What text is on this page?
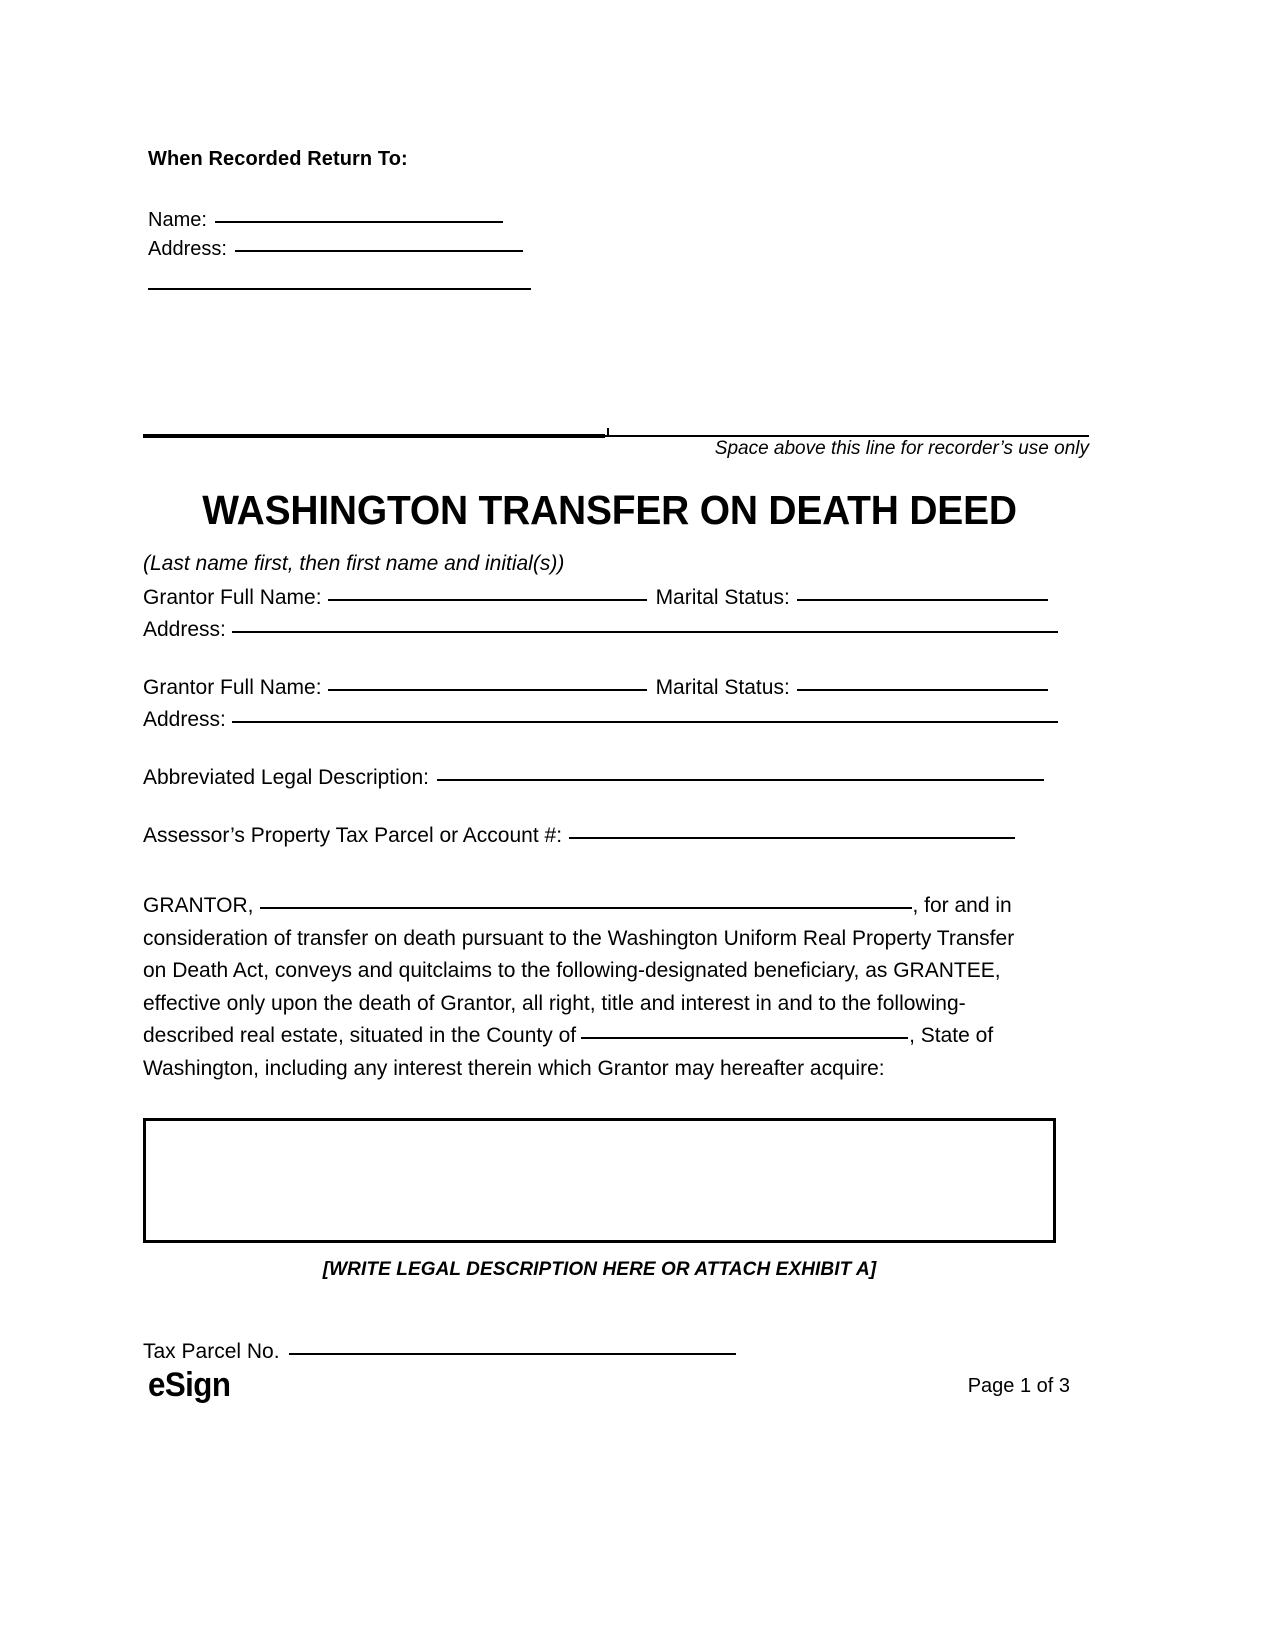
When Recorded Return To:
Name:
Address:
Space above this line for recorder’s use only
WASHINGTON TRANSFER ON DEATH DEED
(Last name first, then first name and initial(s))
Grantor Full Name:	Marital Status:
Address:
Grantor Full Name:	Marital Status:
Address:
Abbreviated Legal Description:
Assessor’s Property Tax Parcel or Account #:
GRANTOR,	, for and in
consideration of transfer on death pursuant to the Washington Uniform Real Property Transfer
on Death Act, conveys and quitclaims to the following-designated beneficiary, as GRANTEE,
effective only upon the death of Grantor, all right, title and interest in and to the following-
described real estate, situated in the County of	, State of
Washington, including any interest therein which Grantor may hereafter acquire:
[WRITE LEGAL DESCRIPTION HERE OR ATTACH EXHIBIT A]
Tax Parcel No.
eSign	Page 1 of 3
